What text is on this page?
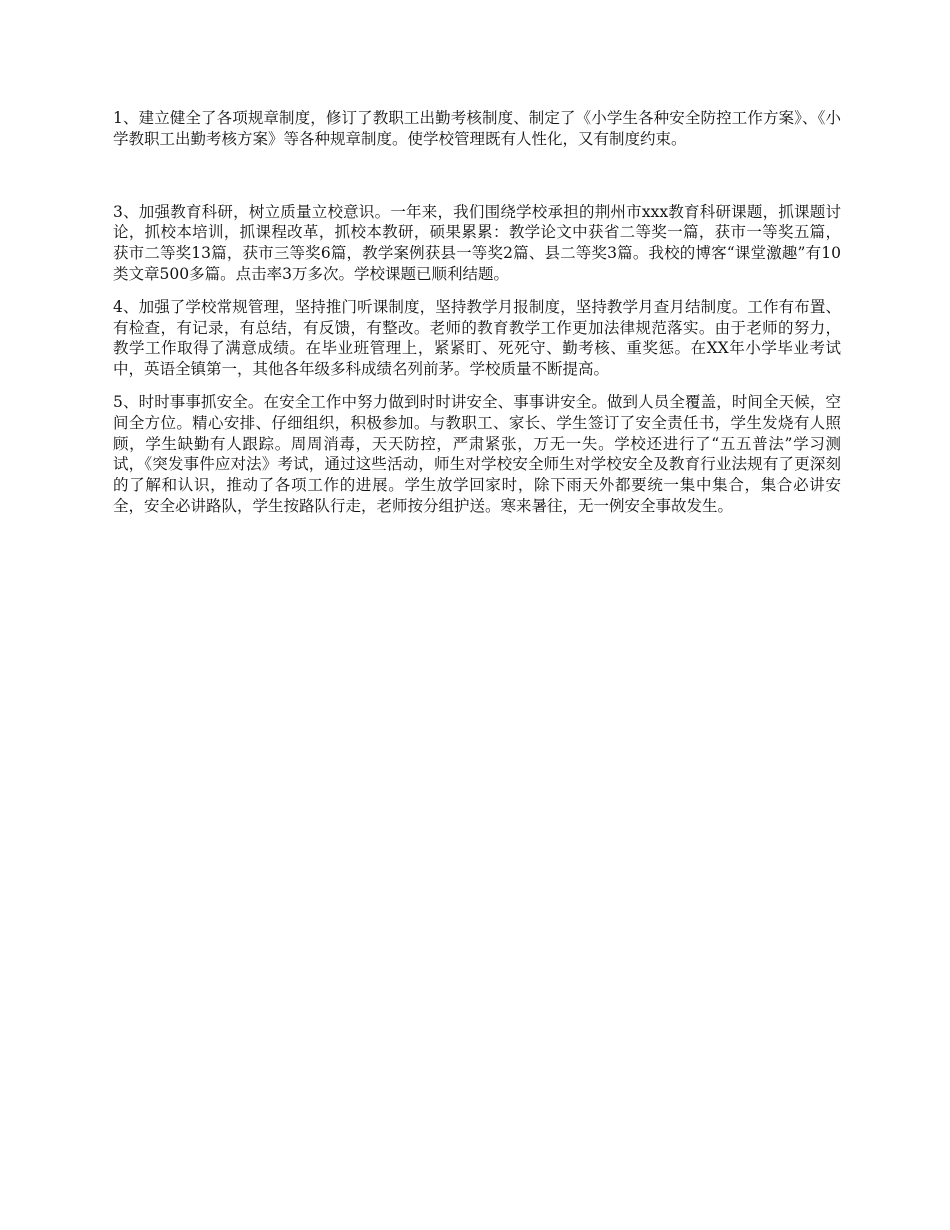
1、建立健全了各项规章制度，修订了教职工出勤考核制度、制定了《小学生各种安全防控工作方案》、《小学教职工出勤考核方案》等各种规章制度。使学校管理既有人性化，又有制度约束。

3、加强教育科研，树立质量立校意识。一年来，我们围绕学校承担的荆州市xxx教育科研课题，抓课题讨论，抓校本培训，抓课程改革，抓校本教研，硕果累累：教学论文中获省二等奖一篇，获市一等奖五篇，获市二等奖13篇，获市三等奖6篇，教学案例获县一等奖2篇、县二等奖3篇。我校的博客“课堂激趣”有10类文章500多篇。点击率3万多次。学校课题已顺利结题。

4、加强了学校常规管理，坚持推门听课制度，坚持教学月报制度，坚持教学月查月结制度。工作有布置、有检查，有记录，有总结，有反馈，有整改。老师的教育教学工作更加法律规范落实。由于老师的努力，教学工作取得了满意成绩。在毕业班管理上，紧紧盯、死死守、勤考核、重奖惩。在XX年小学毕业考试中，英语全镇第一，其他各年级多科成绩名列前茅。学校质量不断提高。

5、时时事事抓安全。在安全工作中努力做到时时讲安全、事事讲安全。做到人员全覆盖，时间全天候，空间全方位。精心安排、仔细组织，积极参加。与教职工、家长、学生签订了安全责任书，学生发烧有人照顾，学生缺勤有人跟踪。周周消毒，天天防控，严肃紧张，万无一失。学校还进行了“五五普法”学习测试，《突发事件应对法》考试，通过这些活动，师生对学校安全师生对学校安全及教育行业法规有了更深刻的了解和认识，推动了各项工作的进展。学生放学回家时，除下雨天外都要统一集中集合，集合必讲安全，安全必讲路队，学生按路队行走，老师按分组护送。寒来暑往，无一例安全事故发生。
